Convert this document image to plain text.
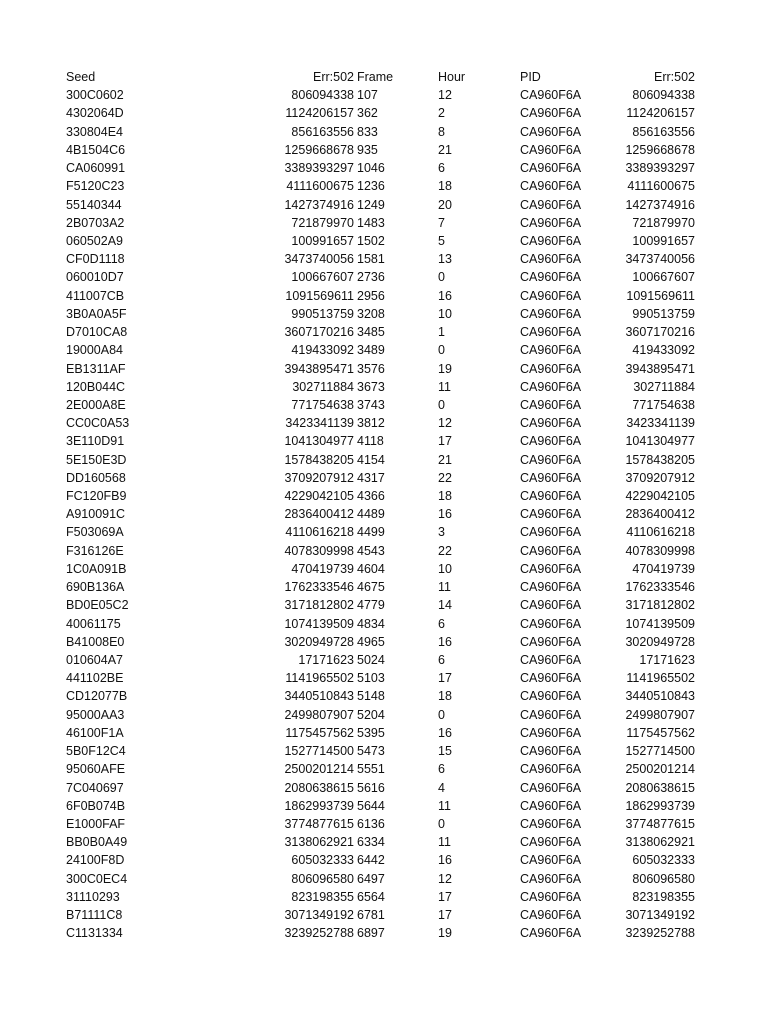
Seed	Err:502 Frame	Hour	PID	Err:502
300C0602	806094338 107	12	CA960F6A	806094338
4302064D	1124206157 362	2	CA960F6A	1124206157
330804E4	856163556 833	8	CA960F6A	856163556
4B1504C6	1259668678 935	21	CA960F6A	1259668678
CA060991	3389393297 1046	6	CA960F6A	3389393297
F5120C23	4111600675 1236	18	CA960F6A	4111600675
55140344	1427374916 1249	20	CA960F6A	1427374916
2B0703A2	721879970 1483	7	CA960F6A	721879970
060502A9	100991657 1502	5	CA960F6A	100991657
CF0D1118	3473740056 1581	13	CA960F6A	3473740056
060010D7	100667607 2736	0	CA960F6A	100667607
411007CB	1091569611 2956	16	CA960F6A	1091569611
3B0A0A5F	990513759 3208	10	CA960F6A	990513759
D7010CA8	3607170216 3485	1	CA960F6A	3607170216
19000A84	419433092 3489	0	CA960F6A	419433092
EB1311AF	3943895471 3576	19	CA960F6A	3943895471
120B044C	302711884 3673	11	CA960F6A	302711884
2E000A8E	771754638 3743	0	CA960F6A	771754638
CC0C0A53	3423341139 3812	12	CA960F6A	3423341139
3E110D91	1041304977 4118	17	CA960F6A	1041304977
5E150E3D	1578438205 4154	21	CA960F6A	1578438205
DD160568	3709207912 4317	22	CA960F6A	3709207912
FC120FB9	4229042105 4366	18	CA960F6A	4229042105
A910091C	2836400412 4489	16	CA960F6A	2836400412
F503069A	4110616218 4499	3	CA960F6A	4110616218
F316126E	4078309998 4543	22	CA960F6A	4078309998
1C0A091B	470419739 4604	10	CA960F6A	470419739
690B136A	1762333546 4675	11	CA960F6A	1762333546
BD0E05C2	3171812802 4779	14	CA960F6A	3171812802
40061175	1074139509 4834	6	CA960F6A	1074139509
B41008E0	3020949728 4965	16	CA960F6A	3020949728
010604A7	17171623 5024	6	CA960F6A	17171623
441102BE	1141965502 5103	17	CA960F6A	1141965502
CD12077B	3440510843 5148	18	CA960F6A	3440510843
95000AA3	2499807907 5204	0	CA960F6A	2499807907
46100F1A	1175457562 5395	16	CA960F6A	1175457562
5B0F12C4	1527714500 5473	15	CA960F6A	1527714500
95060AFE	2500201214 5551	6	CA960F6A	2500201214
7C040697	2080638615 5616	4	CA960F6A	2080638615
6F0B074B	1862993739 5644	11	CA960F6A	1862993739
E1000FAF	3774877615 6136	0	CA960F6A	3774877615
BB0B0A49	3138062921 6334	11	CA960F6A	3138062921
24100F8D	605032333 6442	16	CA960F6A	605032333
300C0EC4	806096580 6497	12	CA960F6A	806096580
31110293	823198355 6564	17	CA960F6A	823198355
B71111C8	3071349192 6781	17	CA960F6A	3071349192
C1131334	3239252788 6897	19	CA960F6A	3239252788
